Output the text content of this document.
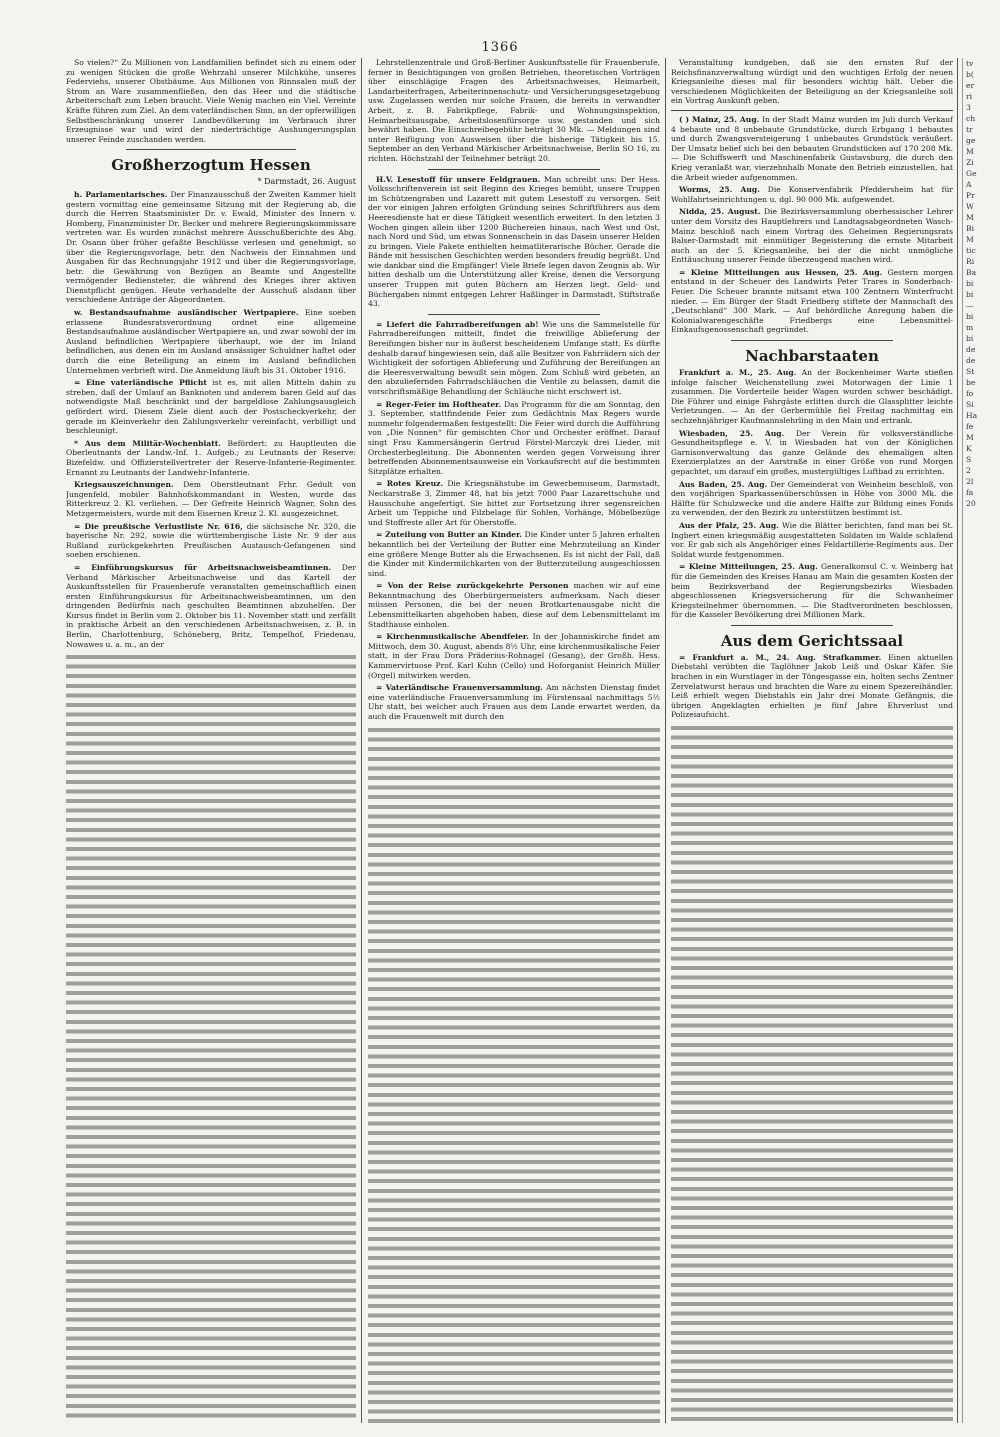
1366

So vielen?“ Zu Millionen von Landfamilien befindet sich zu einem oder zu wenigen Stücken die große Wehrzahl unserer Milchkühe, unseres Federviehs, unserer Obstbäume. Aus Millionen von Rinnsalen muß der Strom an Ware zusammenfließen, den das Heer und die städtische Arbeiterschaft zum Leben braucht. Viele Wenig machen ein Viel. Vereinte Kräfte führen zum Ziel. An dem vaterländischen Sinn, an der opferwilligen Selbstbeschränkung unserer Landbevölkerung im Verbrauch ihrer Erzeugnisse war und wird der niederträchtige Aushungerungsplan unserer Feinde zuschanden werden.

Großherzogtum Hessen
* Darmstadt, 26. August

h. Parlamentarisches. Der Finanzausschuß der Zweiten Kammer hielt gestern vormittag eine gemeinsame Sitzung mit der Regierung ab, die durch die Herren Staatsminister Dr. v. Ewald, Minister des Innern v. Homberg, Finanzminister Dr. Becker und mehrere Regierungskommissare vertreten war. Es wurden zunächst mehrere Ausschußberichte des Abg. Dr. Osann über früher gefaßte Beschlüsse verlesen und genehmigt, so über die Regierungsvorlage, betr. den Nachweis der Einnahmen und Ausgaben für das Rechnungsjahr 1912 und über die Regierungsvorlage, betr. die Gewährung von Bezügen an Beamte und Angestellte vermögender Bediensteter, die während des Krieges ihrer aktiven Dienstpflicht genügen. Heute verhandelte der Ausschuß alsdann über verschiedene Anträge der Abgeordneten.

w. Bestandsaufnahme ausländischer Wertpapiere. Eine soeben erlassene Bundesratsverordnung ordnet eine allgemeine Bestandsaufnahme ausländischer Wertpapiere an, und zwar sowohl der im Ausland befindlichen Wertpapiere überhaupt, wie der im Inland befindlichen, aus denen ein im Ausland ansässiger Schuldner haftet oder durch die eine Beteiligung an einem im Ausland befindlichen Unternehmen verbrieft wird. Die Anmeldung läuft bis 31. Oktober 1916.

= Eine vaterländische Pflicht ist es, mit allen Mitteln dahin zu streben, daß der Umlauf an Banknoten und anderem baren Geld auf das notwendigste Maß beschränkt und der bargeldlose Zahlungsausgleich gefördert wird. Diesem Ziele dient auch der Postscheckverkehr, der gerade im Kleinverkehr den Zahlungsverkehr vereinfacht, verbilligt und beschleunigt.

* Aus dem Militär-Wochenblatt. Befördert: zu Hauptleuten die Oberleutnants der Landw.-Inf. 1. Aufgeb.; zu Leutnants der Reserve: Bizefeldw. und Offizierstellvertreter der Reserve-Infanterie-Regimenter. Ernannt zu Leutnants der Landwehr-Infanterie.

Kriegsauszeichnungen. Dem Oberstleutnant Frhr. Gedult von Jungenfeld, mobiler Bahnhofskommandant in Westen, wurde das Ritterkreuz 2. Kl. verliehen. — Der Gefreite Heinrich Wagner, Sohn des Metzgermeisters, wurde mit dem Eisernen Kreuz 2. Kl. ausgezeichnet.

= Die preußische Verlustliste Nr. 616, die sächsische Nr. 320, die bayerische Nr. 292, sowie die württembergische Liste Nr. 9 der aus Rußland zurückgekehrten Preußischen Austausch-Gefangenen sind soeben erschienen.

= Einführungskursus für Arbeitsnachweisbeamtinnen. Der Verband Märkischer Arbeitsnachweise und das Kartell der Auskunftsstellen für Frauenberufe veranstalten gemeinschaftlich einen ersten Einführungskursus für Arbeitsnachweisbeamtinnen, um den dringenden Bedürfnis nach geschulten Beamtinnen abzuhelfen. Der Kursus findet in Berlin vom 2. Oktober bis 11. November statt und zerfällt in praktische Arbeit an den verschiedenen Arbeitsnachweisen, z. B. in Berlin, Charlottenburg, Schöneberg, Britz, Tempelhof, Friedenau, Nowawes u. a. m., an der

Lehrstellenzentrale und Groß-Berliner Auskunftsstelle für Frauenberufe, ferner in Besichtigungen von großen Betrieben, theoretischen Vorträgen über einschlägige Fragen des Arbeitsnachweises, Heimarbeit, Landarbeiterfragen, Arbeiterinnenschutz- und Versicherungsgesetzgebung usw. Zugelassen werden nur solche Frauen, die bereits in verwandter Arbeit, z. B. Fabrikpflege, Fabrik- und Wohnungsinspektion, Heimarbeitsausgabe, Arbeitslosenfürsorge usw. gestanden und sich bewährt haben. Die Einschreibegebühr beträgt 30 Mk. — Meldungen sind unter Beifügung von Ausweisen über die bisherige Tätigkeit bis 15. September an den Verband Märkischer Arbeitsnachweise, Berlin SO 16, zu richten. Höchstzahl der Teilnehmer beträgt 20.

H.V. Lesestoff für unsere Feldgrauen. Man schreibt uns: Der Hess. Volksschriftenverein ist seit Beginn des Krieges bemüht, unsere Truppen im Schützengraben und Lazarett mit gutem Lesestoff zu versorgen. Seit der vor einigen Jahren erfolgten Gründung seines Schriftführers aus dem Heeresdienste hat er diese Tätigkeit wesentlich erweitert. In den letzten 3 Wochen gingen allein über 1200 Büchereien hinaus, nach West und Ost, nach Nord und Süd, um etwas Sonnenschein in das Dasein unserer Helden zu bringen. Viele Pakete enthielten heimatliterarische Bücher. Gerade die Bände mit hessischen Geschichten werden besonders freudig begrüßt. Und wie dankbar sind die Empfänger! Viele Briefe legen davon Zeugnis ab. Wir bitten deshalb um die Unterstützung aller Kreise, denen die Versorgung unserer Truppen mit guten Büchern am Herzen liegt. Geld- und Büchergaben nimmt entgegen Lehrer Haßlinger in Darmstadt, Stiftstraße 43.

= Liefert die Fahrradbereifungen ab! Wie uns die Sammelstelle für Fahrradbereifungen mitteilt, findet die freiwillige Ablieferung der Bereifungen bisher nur in äußerst bescheidenem Umfange statt. Es dürfte deshalb darauf hingewiesen sein, daß alle Besitzer von Fahrrädern sich der Wichtigkeit der sofortigen Ablieferung und Zuführung der Bereifungen an die Heeresverwaltung bewußt sein mögen. Zum Schluß wird gebeten, an den abzuliefernden Fahrradschläuchen die Ventile zu belassen, damit die vorschriftsmäßige Behandlung der Schläuche nicht erschwert ist.

= Reger-Feier im Hoftheater. Das Programm für die am Sonntag, den 3. September, stattfindende Feier zum Gedächtnis Max Regers wurde nunmehr folgendermaßen festgestellt: Die Feier wird durch die Aufführung von „Die Nonnen“ für gemischten Chor und Orchester eröffnet. Darauf singt Frau Kammersängerin Gertrud Förstel-Marczyk drei Lieder, mit Orchesterbegleitung. Die Abonnenten werden gegen Vorweisung ihrer betreffenden Abonnementsausweise ein Vorkaufsrecht auf die bestimmten Sitzplätze erhalten.

= Rotes Kreuz. Die Kriegsnähstube im Gewerbemuseum, Darmstadt, Neckarstraße 3, Zimmer 48, hat bis jetzt 7000 Paar Lazarettschuhe und Hausschuhe angefertigt. Sie bittet zur Fortsetzung ihrer segensreichen Arbeit um Teppiche und Filzbelage für Sohlen, Vorhänge, Möbelbezüge und Stoffreste aller Art für Oberstoffe.

= Zuteilung von Butter an Kinder. Die Kinder unter 5 Jahren erhalten bekanntlich bei der Verteilung der Butter eine Mehrzuteilung an Kinder eine größere Menge Butter als die Erwachsenen. Es ist nicht der Fall, daß die Kinder mit Kindermilchkarten von der Butterzuteilung ausgeschlossen sind.

= Von der Reise zurückgekehrte Personen machen wir auf eine Bekanntmachung des Oberbürgermeisters aufmerksam. Nach dieser müssen Personen, die bei der neuen Brotkartenausgabe nicht die Lebensmittelkarten abgehoben haben, diese auf dem Lebensmittelamt im Stadthause einholen.

= Kirchenmusikalische Abendfeier. In der Johanniskirche findet am Mittwoch, dem 30. August, abends 8½ Uhr, eine kirchenmusikalische Feier statt, in der Frau Dora Präderius-Rohnagel (Gesang), der Großh. Hess. Kammervirtuose Prof. Karl Kuhn (Cello) und Hoforganist Heinrich Müller (Orgel) mitwirken werden.

= Vaterländische Frauenversammlung. Am nächsten Dienstag findet eine vaterländische Frauenversammlung im Fürstensaal nachmittags 5½ Uhr statt, bei welcher auch Frauen aus dem Lande erwartet werden, da auch die Frauenwelt mit durch den

Veranstaltung kundgeben, daß sie den ernsten Ruf der Reichsfinanzverwaltung würdigt und den wuchtigen Erfolg der neuen Kriegsanleihe dieses mal für besonders wichtig hält. Ueber die verschiedenen Möglichkeiten der Beteiligung an der Kriegsanleihe soll ein Vortrag Auskunft geben.

( ) Mainz, 25. Aug. In der Stadt Mainz wurden im Juli durch Verkauf 4 bebaute und 8 unbebaute Grundstücke, durch Erbgang 1 bebautes und durch Zwangsversteigerung 1 unbebautes Grundstück veräußert. Der Umsatz belief sich bei den bebauten Grundstücken auf 170 208 Mk. — Die Schiffswerft und Maschinenfabrik Gustavsburg, die durch den Krieg veranlaßt war, vierzehnhalb Monate den Betrieb einzustellen, hat die Arbeit wieder aufgenommen.

Worms, 25. Aug. Die Konservenfabrik Pfeddersheim hat für Wohlfahrtseinrichtungen u. dgl. 90 000 Mk. aufgewendet.

Nidda, 25. August. Die Bezirksversammlung oberhessischer Lehrer unter dem Vorsitz des Hauptlehrers und Landtagsabgeordneten Wasch-Mainz beschloß nach einem Vortrag des Geheimen Regierungsrats Balser-Darmstadt mit einmütiger Begeisterung die ernste Mitarbeit auch an der 5. Kriegsanleihe, bei der die nicht unmögliche Enttäuschung unserer Feinde überzeugend machen wird.

= Kleine Mitteilungen aus Hessen, 25. Aug. Gestern morgen entstand in der Scheuer des Landwirts Peter Trares in Sonderbach-Feuer. Die Scheuer brannte mitsamt etwa 100 Zentnern Winterfrucht nieder. — Ein Bürger der Stadt Friedberg stiftete der Mannschaft des „Deutschland“ 300 Mark. — Auf behördliche Anregung haben die Kolonialwarengeschäfte Friedbergs eine Lebensmittel-Einkaufsgenossenschaft gegründet.

Nachbarstaaten

Frankfurt a. M., 25. Aug. An der Bockenheimer Warte stießen infolge falscher Weichenstellung zwei Motorwagen der Linie 1 zusammen. Die Vorderteile beider Wagen wurden schwer beschädigt. Die Führer und einige Fahrgäste erlitten durch die Glassplitter leichte Verletzungen. — An der Gerbermühle fiel Freitag nachmittag ein sechzehnjähriger Kaufmannslehrling in den Main und ertrank.

Wiesbaden, 25. Aug. Der Verein für volksverständliche Gesundheitspflege e. V. in Wiesbaden hat von der Königlichen Garnisonverwaltung das ganze Gelände des ehemaligen alten Exerzierplatzes an der Aarstraße in einer Größe von rund Morgen gepachtet, um darauf ein großes, mustergültiges Luftbad zu errichten.

Aus Baden, 25. Aug. Der Gemeinderat von Weinheim beschloß, von den vorjährigen Sparkassenüberschüssen in Höhe von 3000 Mk. die Hälfte für Schulzwecke und die andere Hälfte zur Bildung eines Fonds zu verwenden, der den Bezirk zu unterstützen bestimmt ist.

Aus der Pfalz, 25. Aug. Wie die Blätter berichten, fand man bei St. Ingbert einen kriegsmäßig ausgestatteten Soldaten im Walde schlafend vor. Er gab sich als Angehöriger eines Feldartillerie-Regiments aus. Der Soldat wurde festgenommen.

= Kleine Mitteilungen, 25. Aug. Generalkonsul C. v. Weinberg hat für die Gemeinden des Kreises Hanau am Main die gesamten Kosten der beim Bezirksverband der Regierungsbezirks Wiesbaden abgeschlossenen Kriegsversicherung für die Schwanheimer Kriegsteilnehmer übernommen. — Die Stadtverordneten beschlossen, für die Kasseler Bevölkerung drei Millionen Mark.

Aus dem Gerichtssaal

= Frankfurt a. M., 24. Aug. Strafkammer. Einen aktuellen Diebstahl verübten die Taglöhner Jakob Leiß und Oskar Käfer. Sie brachen in ein Wurstlager in der Töngesgasse ein, holten sechs Zentner Zervelatwurst heraus und brachten die Ware zu einem Spezereihändler. Leiß erhielt wegen Diebstahls ein Jahr drei Monate Gefängnis, die übrigen Angeklagten erhielten je fünf Jahre Ehrverlust und Polizeiaufsicht.

tv
b(
er
ri
3
ch
tr
ge
M
Zi
Ge
A
Pr
W
M
Bi
M
tic
Ri
Ba
bi
bi
—
bi
m
bi
de
de
St
be
fo
Si
Ha
fe
M
K
S
2
2l
fa
20
